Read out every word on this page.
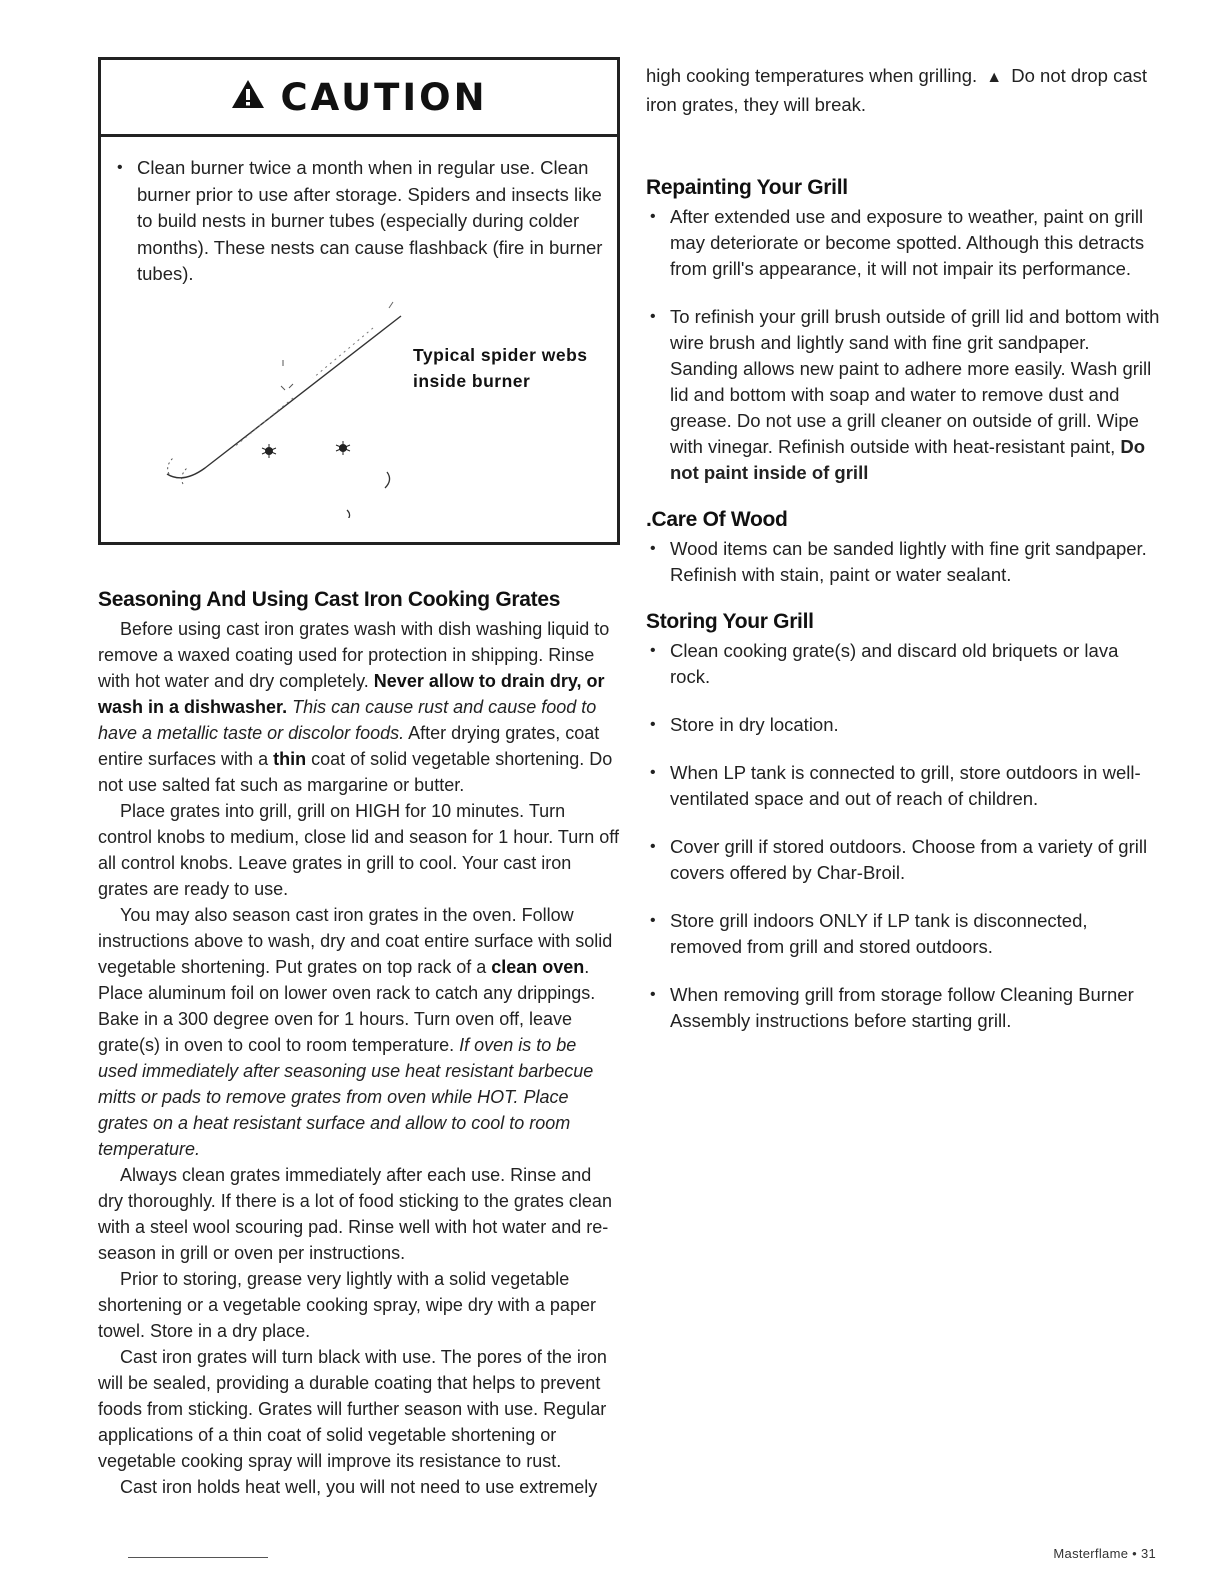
CAUTION
• Clean burner twice a month when in regular use. Clean burner prior to use after storage. Spiders and insects like to build nests in burner tubes (especially during colder months). These nests can cause flashback (fire in burner tubes).
Typical spider webs inside burner
Seasoning And Using Cast Iron Cooking Grates

Before using cast iron grates wash with dish washing liquid to remove a waxed coating used for protection in shipping. Rinse with hot water and dry completely. Never allow to drain dry, or wash in a dishwasher. This can cause rust and cause food to have a metallic taste or discolor foods. After drying grates, coat entire surfaces with a thin coat of solid vegetable shortening. Do not use salted fat such as margarine or butter.

Place grates into grill, grill on HIGH for 10 minutes. Turn control knobs to medium, close lid and season for 1 hour. Turn off all control knobs. Leave grates in grill to cool. Your cast iron grates are ready to use.

You may also season cast iron grates in the oven. Follow instructions above to wash, dry and coat entire surface with solid vegetable shortening. Put grates on top rack of a clean oven. Place aluminum foil on lower oven rack to catch any drippings. Bake in a 300 degree oven for 1 hours. Turn oven off, leave grate(s) in oven to cool to room temperature. If oven is to be used immediately after seasoning use heat resistant barbecue mitts or pads to remove grates from oven while HOT. Place grates on a heat resistant surface and allow to cool to room temperature.

Always clean grates immediately after each use. Rinse and dry thoroughly. If there is a lot of food sticking to the grates clean with a steel wool scouring pad. Rinse well with hot water and re-season in grill or oven per instructions.

Prior to storing, grease very lightly with a solid vegetable shortening or a vegetable cooking spray, wipe dry with a paper towel. Store in a dry place.

Cast iron grates will turn black with use. The pores of the iron will be sealed, providing a durable coating that helps to prevent foods from sticking. Grates will further season with use. Regular applications of a thin coat of solid vegetable shortening or vegetable cooking spray will improve its resistance to rust.

Cast iron holds heat well, you will not need to use extremely

high cooking temperatures when grilling. ▲ Do not drop cast iron grates, they will break.
Repainting Your Grill
• After extended use and exposure to weather, paint on grill may deteriorate or become spotted. Although this detracts from grill's appearance, it will not impair its performance.
• To refinish your grill brush outside of grill lid and bottom with wire brush and lightly sand with fine grit sandpaper. Sanding allows new paint to adhere more easily. Wash grill lid and bottom with soap and water to remove dust and grease. Do not use a grill cleaner on outside of grill. Wipe with vinegar. Refinish outside with heat-resistant paint, Do not paint inside of grill
.Care Of Wood
• Wood items can be sanded lightly with fine grit sandpaper. Refinish with stain, paint or water sealant.
Storing Your Grill
• Clean cooking grate(s) and discard old briquets or lava rock.
• Store in dry location.
• When LP tank is connected to grill, store outdoors in well-ventilated space and out of reach of children.
• Cover grill if stored outdoors. Choose from a variety of grill covers offered by Char-Broil.
• Store grill indoors ONLY if LP tank is disconnected, removed from grill and stored outdoors.
• When removing grill from storage follow Cleaning Burner Assembly instructions before starting grill.
Masterflame • 31
